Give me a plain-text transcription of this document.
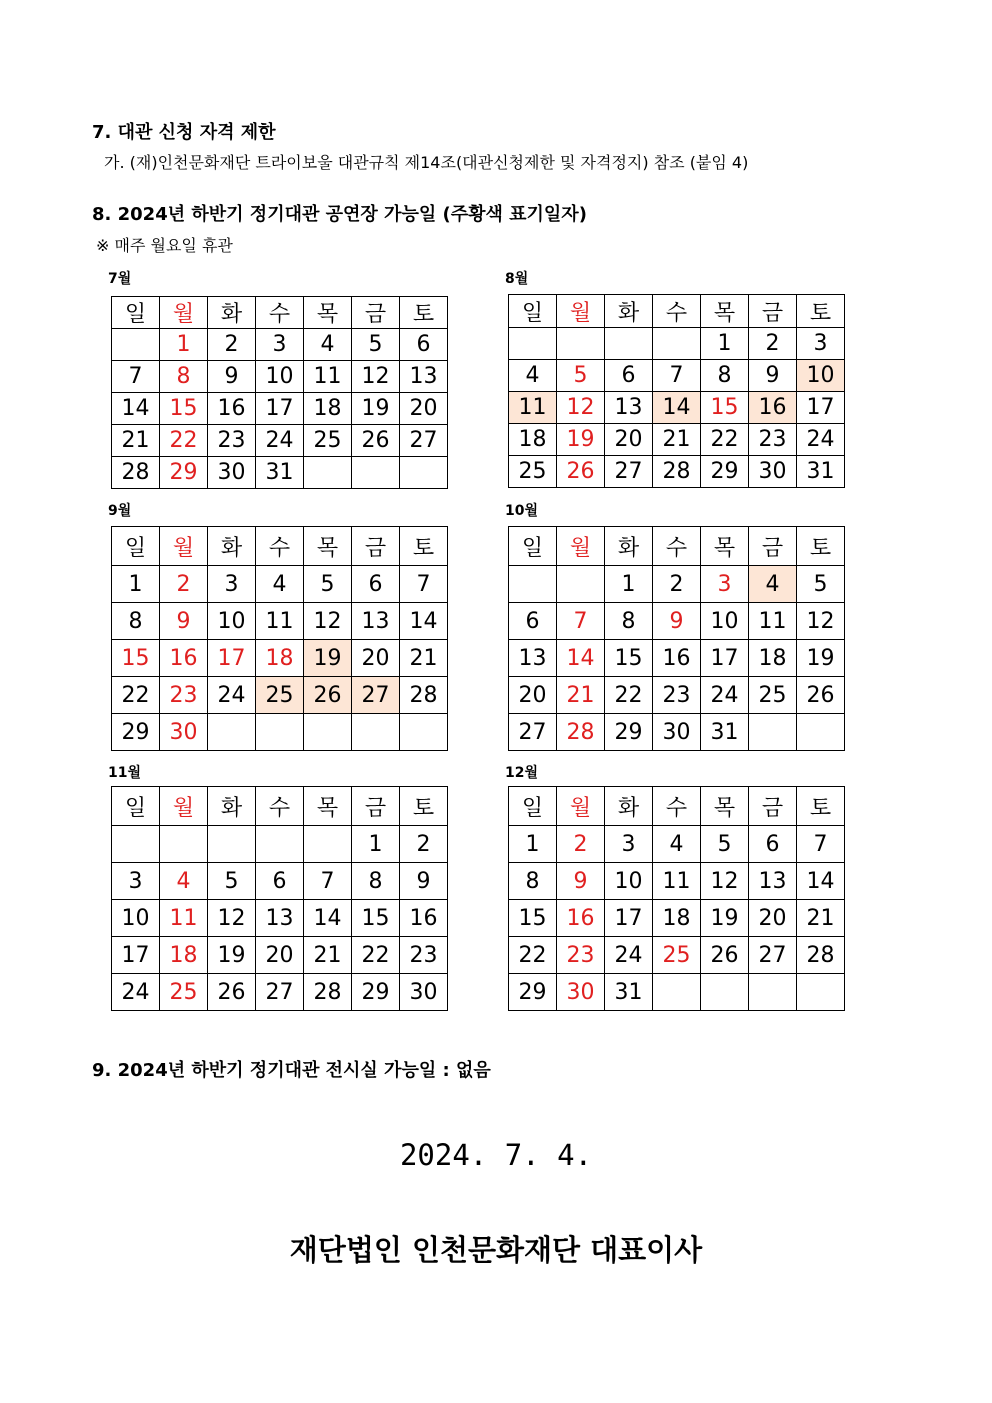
7. 대관 신청 자격 제한
가. (재)인천문화재단 트라이보울 대관규칙 제14조(대관신청제한 및 자격정지) 참조 (붙임 4)
8. 2024년 하반기 정기대관 공연장 가능일 (주황색 표기일자)
※ 매주 월요일 휴관
7월
일	월	화	수	목	금	토
	1	2	3	4	5	6
7	8	9	10	11	12	13
14	15	16	17	18	19	20
21	22	23	24	25	26	27
28	29	30	31			
8월
일	월	화	수	목	금	토
				1	2	3
4	5	6	7	8	9	10
11	12	13	14	15	16	17
18	19	20	21	22	23	24
25	26	27	28	29	30	31
9월
일	월	화	수	목	금	토
1	2	3	4	5	6	7
8	9	10	11	12	13	14
15	16	17	18	19	20	21
22	23	24	25	26	27	28
29	30					
10월
일	월	화	수	목	금	토
		1	2	3	4	5
6	7	8	9	10	11	12
13	14	15	16	17	18	19
20	21	22	23	24	25	26
27	28	29	30	31		
11월
일	월	화	수	목	금	토
					1	2
3	4	5	6	7	8	9
10	11	12	13	14	15	16
17	18	19	20	21	22	23
24	25	26	27	28	29	30
12월
일	월	화	수	목	금	토
1	2	3	4	5	6	7
8	9	10	11	12	13	14
15	16	17	18	19	20	21
22	23	24	25	26	27	28
29	30	31				
9. 2024년 하반기 정기대관 전시실 가능일 : 없음
2024. 7. 4.
재단법인 인천문화재단 대표이사
